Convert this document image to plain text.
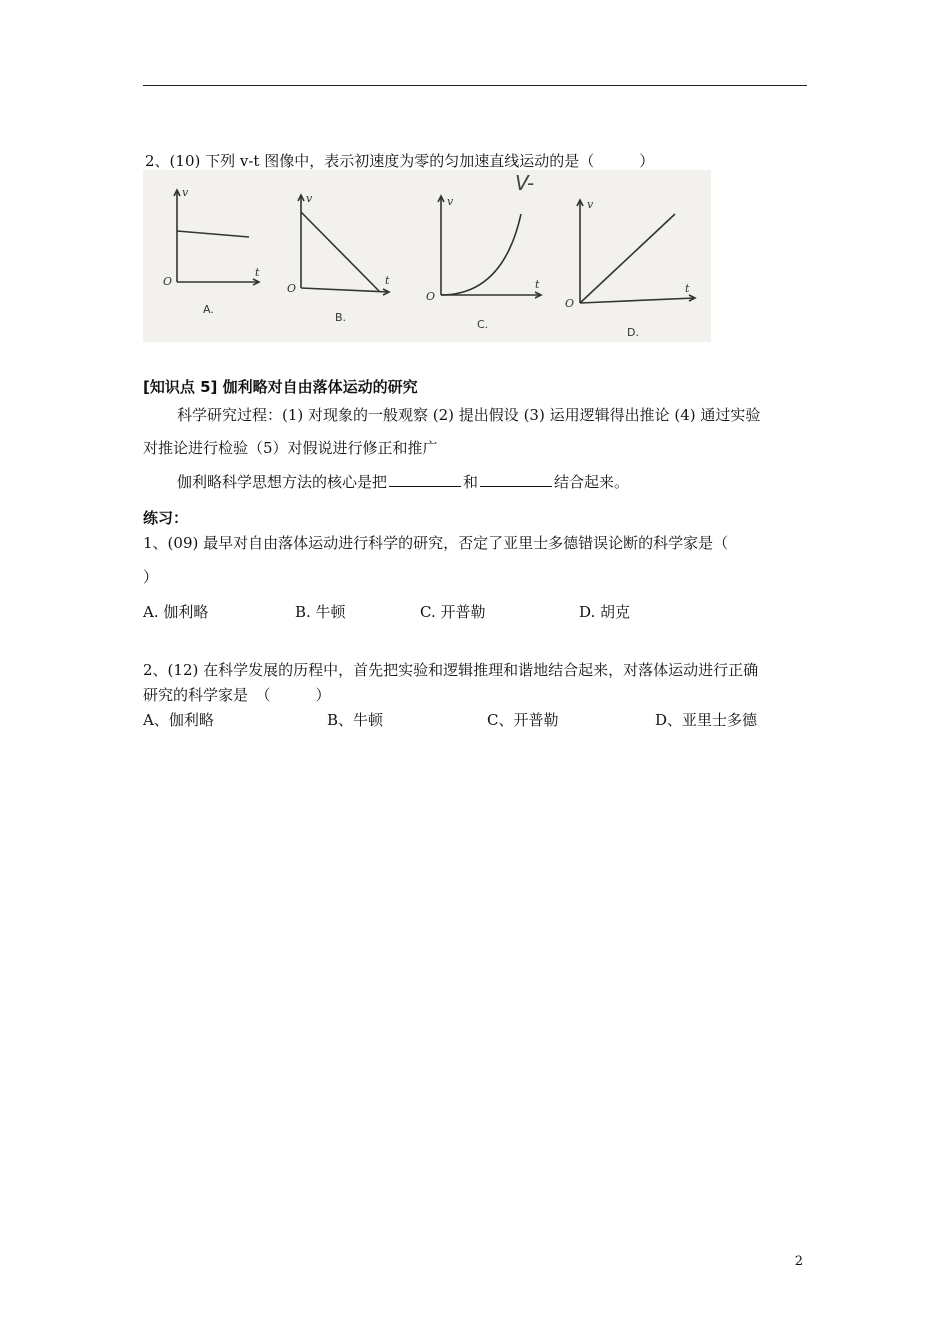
2、(10) 下列 v-t 图像中，表示初速度为零的匀加速直线运动的是（　　　）
V-
v
t
O
v
t
O
v
t
O
v
t
O
A.
B.
C.
D.
[知识点 5] 伽利略对自由落体运动的研究
科学研究过程：(1) 对现象的一般观察 (2) 提出假设 (3) 运用逻辑得出推论 (4) 通过实验
对推论进行检验（5）对假说进行修正和推广
伽利略科学思想方法的核心是把	和	结合起来。
练习：
1、(09) 最早对自由落体运动进行科学的研究，否定了亚里士多德错误论断的科学家是（
）
A. 伽利略	B. 牛顿	C. 开普勒	D. 胡克
2、(12) 在科学发展的历程中，首先把实验和逻辑推理和谐地结合起来，对落体运动进行正确
研究的科学家是　（　　　）
A、伽利略	B、牛顿	C、开普勒	D、亚里士多德
2
